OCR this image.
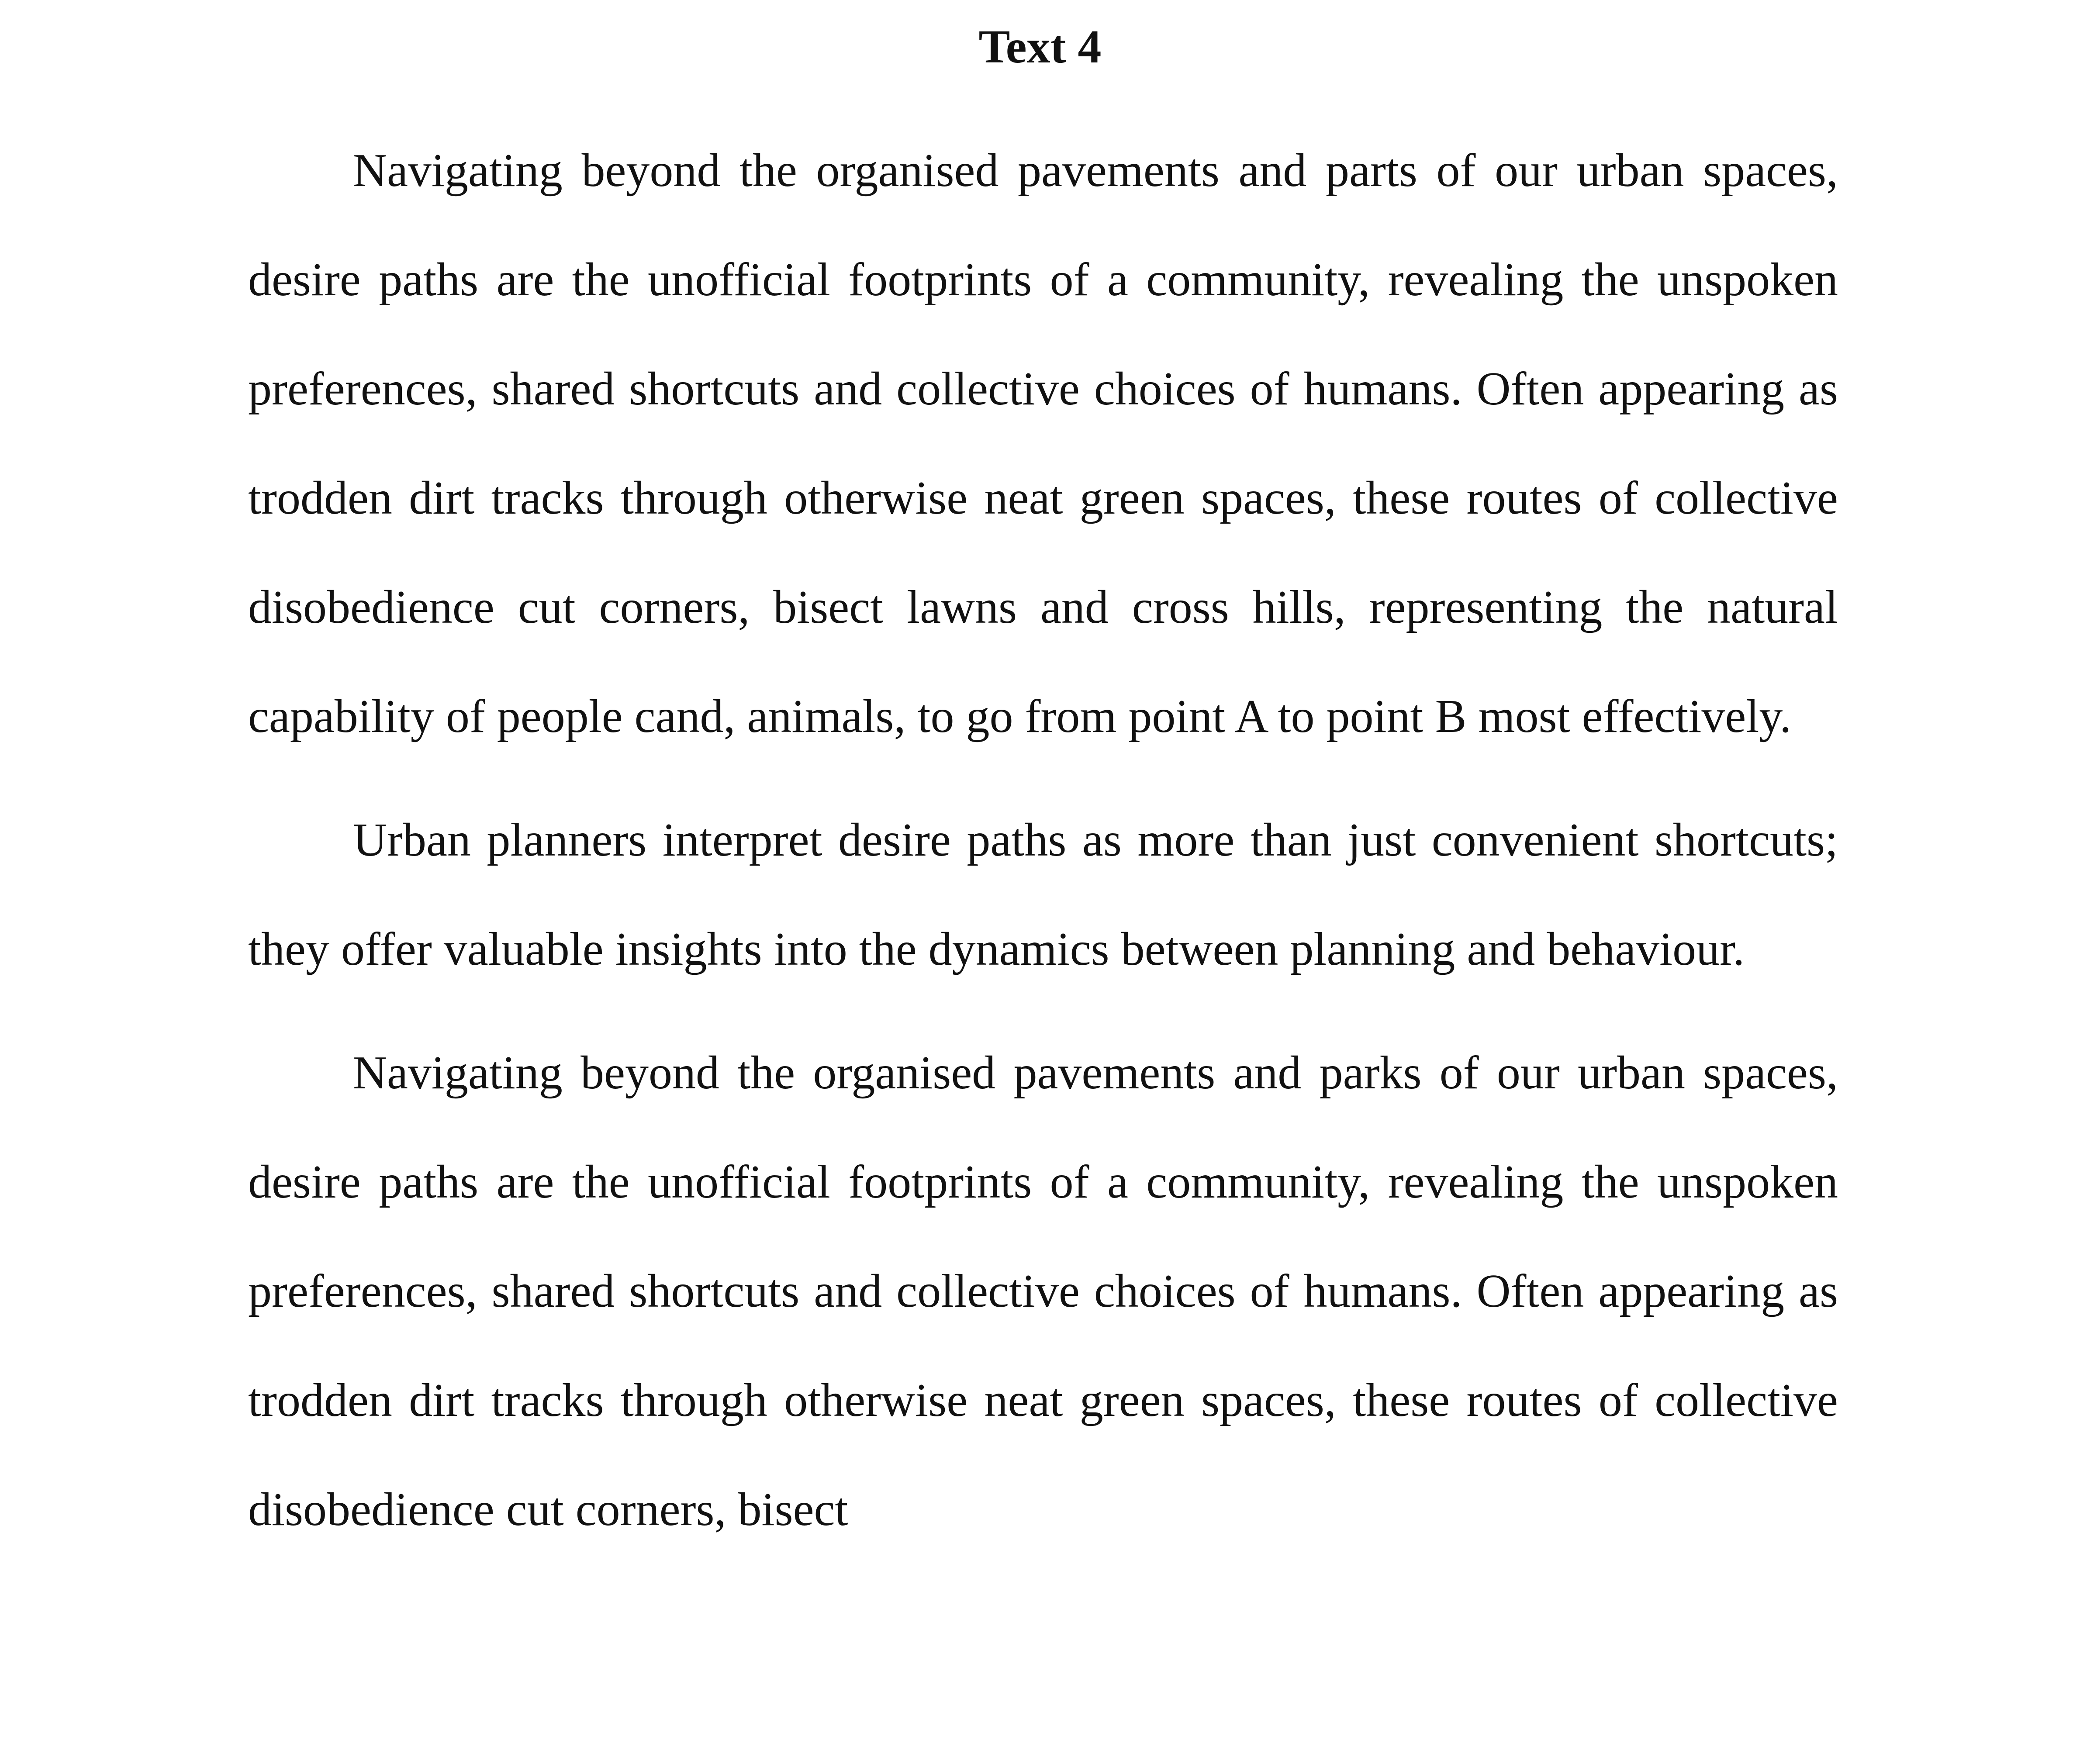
Text 4

Navigating beyond the organised pavements and parts of our urban spaces, desire paths are the unofficial footprints of a community, revealing the unspoken preferences, shared shortcuts and collective choices of humans. Often appearing as trodden dirt tracks through otherwise neat green spaces, these routes of collective disobedience cut corners, bisect lawns and cross hills, representing the natural capability of people cand, animals, to go from point A to point B most effectively.

Urban planners interpret desire paths as more than just convenient shortcuts; they offer valuable insights into the dynamics between planning and behaviour.

Navigating beyond the organised pavements and parks of our urban spaces, desire paths are the unofficial footprints of a community, revealing the unspoken preferences, shared shortcuts and collective choices of humans. Often appearing as trodden dirt tracks through otherwise neat green spaces, these routes of collective disobedience cut corners, bisect
